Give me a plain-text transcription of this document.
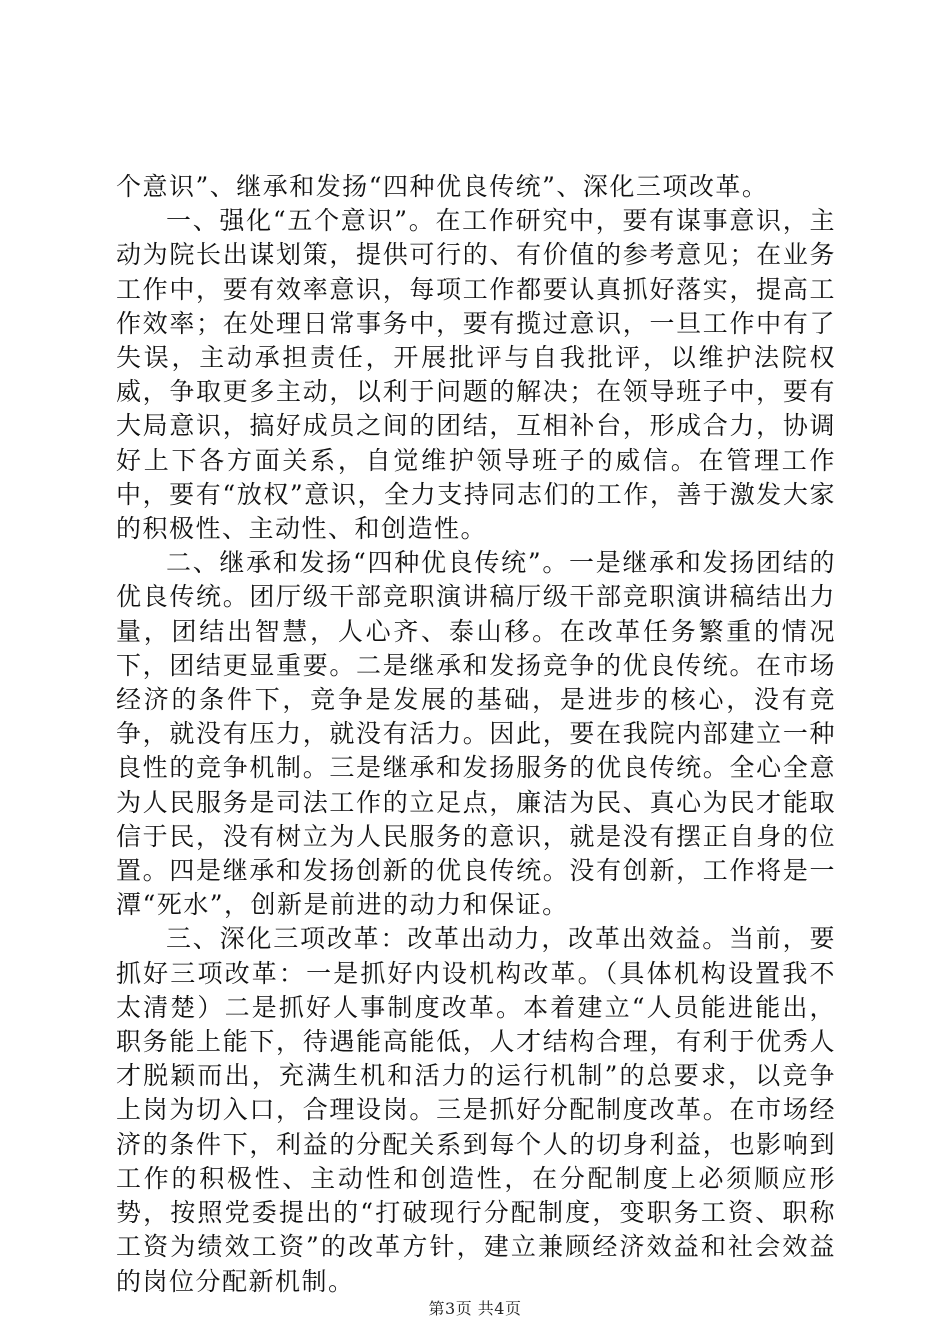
个意识”、继承和发扬“四种优良传统”、深化三项改革。

一、强化“五个意识”。在工作研究中，要有谋事意识，主动为院长出谋划策，提供可行的、有价值的参考意见；在业务工作中，要有效率意识，每项工作都要认真抓好落实，提高工作效率；在处理日常事务中，要有揽过意识，一旦工作中有了失误，主动承担责任，开展批评与自我批评，以维护法院权威，争取更多主动，以利于问题的解决；在领导班子中，要有大局意识，搞好成员之间的团结，互相补台，形成合力，协调好上下各方面关系，自觉维护领导班子的威信。在管理工作中，要有“放权”意识，全力支持同志们的工作，善于激发大家的积极性、主动性、和创造性。

二、继承和发扬“四种优良传统”。一是继承和发扬团结的优良传统。团厅级干部竞职演讲稿厅级干部竞职演讲稿结出力量，团结出智慧，人心齐、泰山移。在改革任务繁重的情况下，团结更显重要。二是继承和发扬竞争的优良传统。在市场经济的条件下，竞争是发展的基础，是进步的核心，没有竞争，就没有压力，就没有活力。因此，要在我院内部建立一种良性的竞争机制。三是继承和发扬服务的优良传统。全心全意为人民服务是司法工作的立足点，廉洁为民、真心为民才能取信于民，没有树立为人民服务的意识，就是没有摆正自身的位置。四是继承和发扬创新的优良传统。没有创新，工作将是一潭“死水”，创新是前进的动力和保证。

三、深化三项改革：改革出动力，改革出效益。当前，要抓好三项改革：一是抓好内设机构改革。（具体机构设置我不太清楚）二是抓好人事制度改革。本着建立“人员能进能出，职务能上能下，待遇能高能低，人才结构合理，有利于优秀人才脱颖而出，充满生机和活力的运行机制”的总要求，以竞争上岗为切入口，合理设岗。三是抓好分配制度改革。在市场经济的条件下，利益的分配关系到每个人的切身利益，也影响到工作的积极性、主动性和创造性，在分配制度上必须顺应形势，按照党委提出的“打破现行分配制度，变职务工资、职称工资为绩效工资”的改革方针，建立兼顾经济效益和社会效益的岗位分配新机制。

第3页 共4页
